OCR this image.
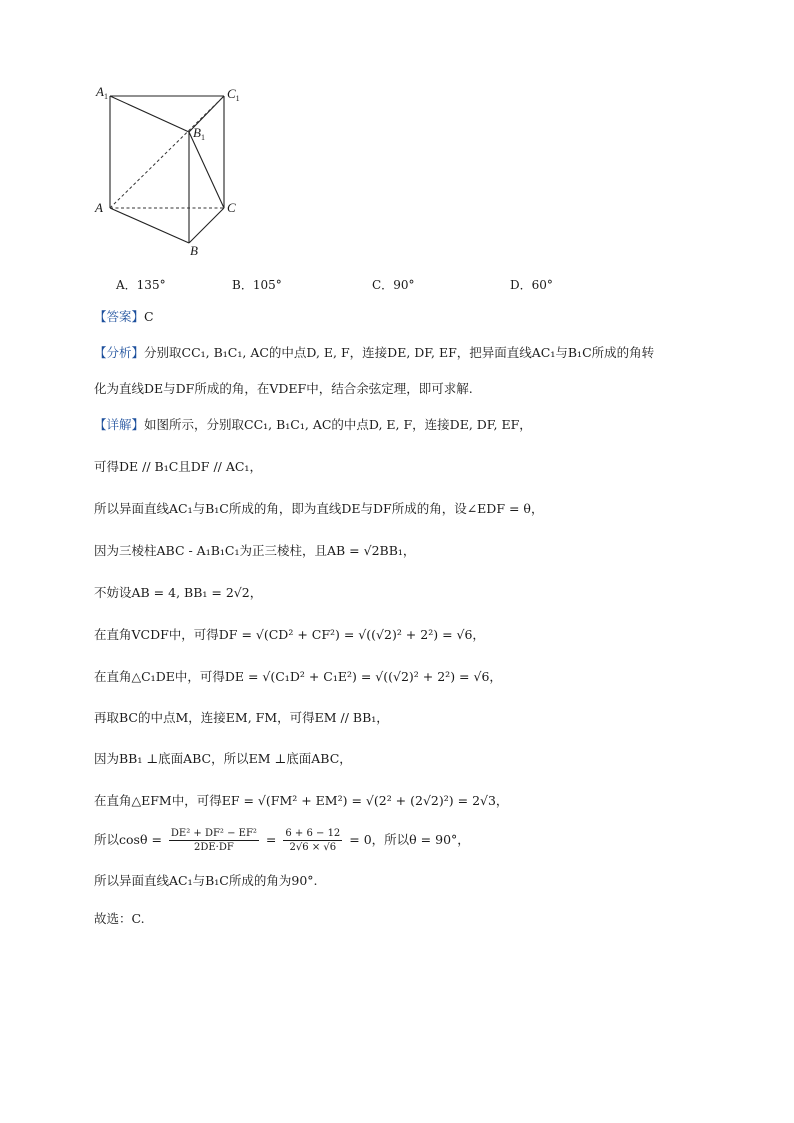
$A_1$	$C_1$
$B_1$
A	C
B
A．135°	B．105°	C．90°	D．60°
【答案】C
【分析】分别取CC₁, B₁C₁, AC的中点D, E, F，连接DE, DF, EF，把异面直线AC₁与B₁C所成的角转
化为直线DE与DF所成的角，在VDEF中，结合余弦定理，即可求解.
【详解】如图所示，分别取CC₁, B₁C₁, AC的中点D, E, F，连接DE, DF, EF，
可得DE // B₁C且DF // AC₁，
所以异面直线AC₁与B₁C所成的角，即为直线DE与DF所成的角，设∠EDF = θ，
因为三棱柱ABC - A₁B₁C₁为正三棱柱，且AB = √2BB₁，
不妨设AB = 4, BB₁ = 2√2，
在直角VCDF中，可得DF = √(CD² + CF²) = √((√2)² + 2²) = √6，
在直角△C₁DE中，可得DE = √(C₁D² + C₁E²) = √((√2)² + 2²) = √6，
再取BC的中点M，连接EM, FM，可得EM // BB₁，
因为BB₁ ⊥底面ABC，所以EM ⊥底面ABC，
在直角△EFM中，可得EF = √(FM² + EM²) = √(2² + (2√2)²) = 2√3，
所以$\cos\theta = \frac{\text{DE² + DF² − EF²}}{2DE\cdot DF} = \frac{6 + 6 - 12}{2√6 \times √6} = 0$，所以θ = 90°，
所以异面直线AC₁与B₁C所成的角为90°.
故选：C.
